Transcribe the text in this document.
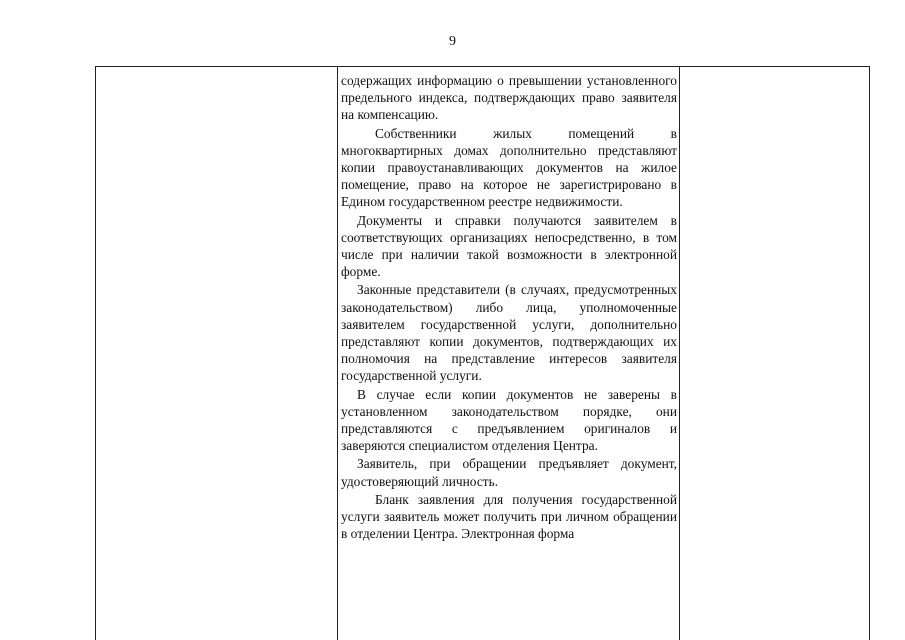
9

содержащих информацию о превышении установленного предельного индекса, подтверждающих право заявителя на компенсацию.

Собственники жилых помещений в многоквартирных домах дополнительно представляют копии правоустанавливающих документов на жилое помещение, право на которое не зарегистрировано в Едином государственном реестре недвижимости.

Документы и справки получаются заявителем в соответствующих организациях непосредственно, в том числе при наличии такой возможности в электронной форме.

Законные представители (в случаях, предусмотренных законодательством) либо лица, уполномоченные заявителем государственной услуги, дополнительно представляют копии документов, подтверждающих их полномочия на представление интересов заявителя государственной услуги.

В случае если копии документов не заверены в установленном законодательством порядке, они представляются с предъявлением оригиналов и заверяются специалистом отделения Центра.

Заявитель, при обращении предъявляет документ, удостоверяющий личность.

Бланк заявления для получения государственной услуги заявитель может получить при личном обращении в отделении Центра. Электронная форма
